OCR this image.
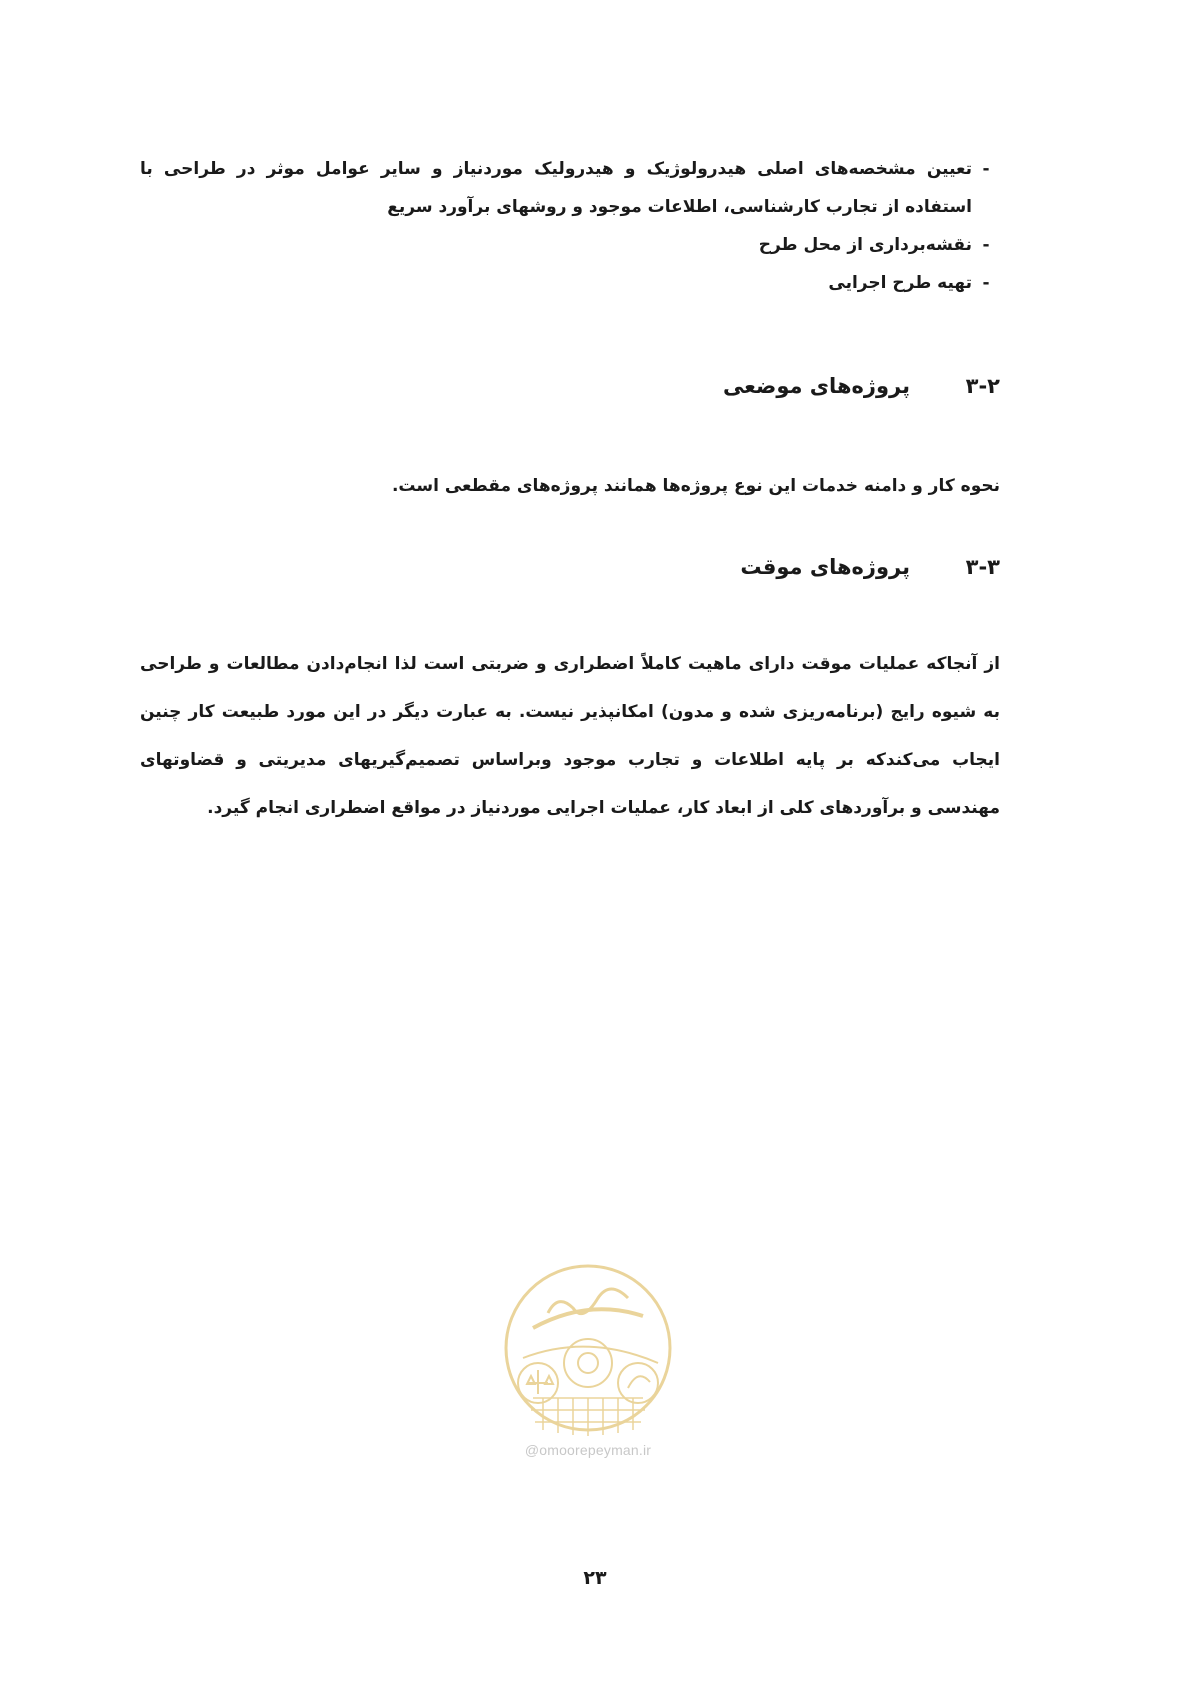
-
تعیین مشخصه‌های اصلی هیدرولوژیک و هیدرولیک موردنیاز و سایر عوامل موثر در طراحی با استفاده از تجارب کارشناسی، اطلاعات موجود و روشهای برآورد سریع
-
نقشه‌برداری از محل طرح
-
تهیه طرح اجرایی
۳-۲
پروژه‌های موضعی
نحوه کار و دامنه خدمات این نوع پروژه‌ها همانند پروژه‌های مقطعی است.
۳-۳
پروژه‌های موقت
از آنجاکه عملیات موقت دارای ماهیت کاملاً اضطراری و ضربتی است لذا انجام‌دادن مطالعات و طراحی به شیوه رایج (برنامه‌ریزی شده و مدون) امکانپذیر نیست. به عبارت دیگر در این مورد طبیعت کار چنین ایجاب می‌کندکه بر پایه اطلاعات و تجارب موجود وبراساس تصمیم‌گیریهای مدیریتی و قضاوتهای مهندسی و برآوردهای کلی از ابعاد کار، عملیات اجرایی موردنیاز در مواقع اضطراری انجام گیرد.
@omoorepeyman.ir
۲۳
